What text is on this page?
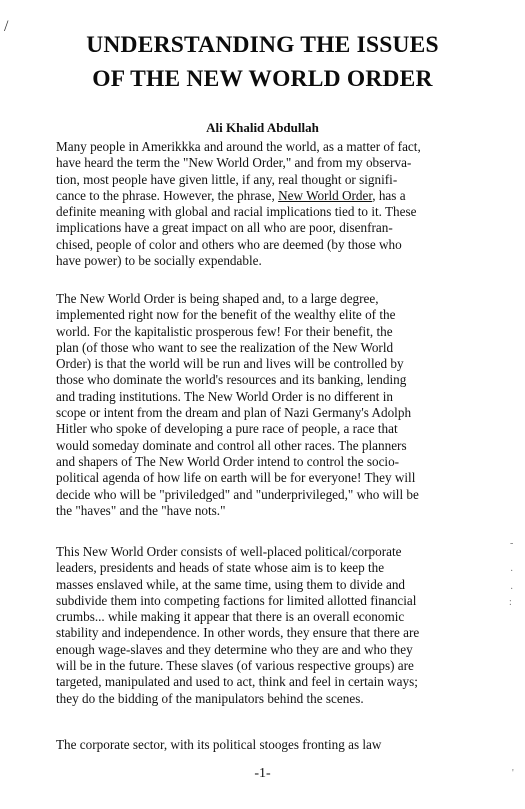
/
UNDERSTANDING THE ISSUES
OF THE NEW WORLD ORDER
Ali Khalid Abdullah
Many people in Amerikkka and around the world, as a matter of fact,
have heard the term the "New World Order," and from my observa-
tion, most people have given little, if any, real thought or signifi-
cance to the phrase. However, the phrase, New World Order, has a
definite meaning with global and racial implications tied to it. These
implications have a great impact on all who are poor, disenfran-
chised, people of color and others who are deemed (by those who
have power) to be socially expendable.
The New World Order is being shaped and, to a large degree,
implemented right now for the benefit of the wealthy elite of the
world. For the kapitalistic prosperous few! For their benefit, the
plan (of those who want to see the realization of the New World
Order) is that the world will be run and lives will be controlled by
those who dominate the world's resources and its banking, lending
and trading institutions. The New World Order is no different in
scope or intent from the dream and plan of Nazi Germany's Adolph
Hitler who spoke of developing a pure race of people, a race that
would someday dominate and control all other races. The planners
and shapers of The New World Order intend to control the socio-
political agenda of how life on earth will be for everyone! They will
decide who will be "priviledged" and "underprivileged," who will be
the "haves" and the "have nots."
This New World Order consists of well-placed political/corporate
leaders, presidents and heads of state whose aim is to keep the
masses enslaved while, at the same time, using them to divide and
subdivide them into competing factions for limited allotted financial
crumbs... while making it appear that there is an overall economic
stability and independence. In other words, they ensure that there are
enough wage-slaves and they determine who they are and who they
will be in the future. These slaves (of various respective groups) are
targeted, manipulated and used to act, think and feel in certain ways;
they do the bidding of the manipulators behind the scenes.
The corporate sector, with its political stooges fronting as law
-1-
-
·
·
:
'
